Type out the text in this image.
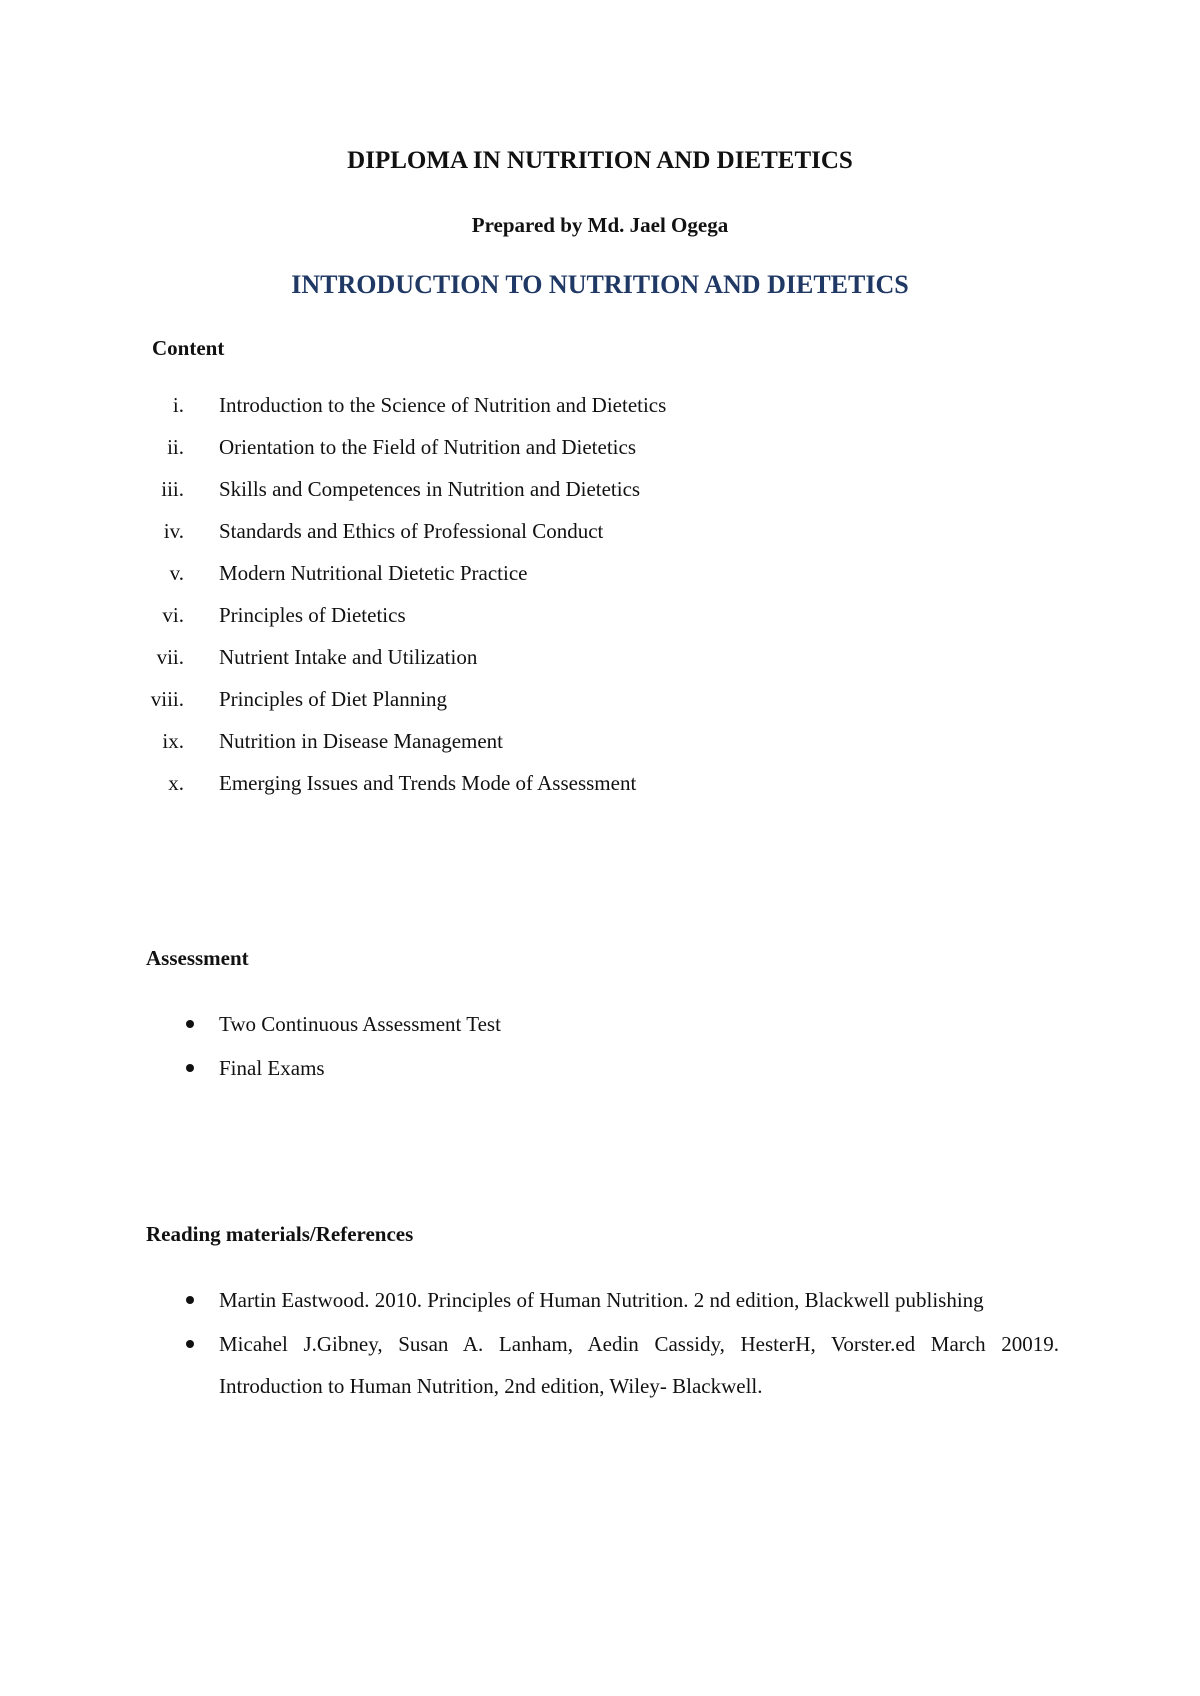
DIPLOMA IN NUTRITION AND DIETETICS
Prepared by Md. Jael Ogega
INTRODUCTION TO NUTRITION AND DIETETICS
Content
i. Introduction to the Science of Nutrition and Dietetics
ii. Orientation to the Field of Nutrition and Dietetics
iii. Skills and Competences in Nutrition and Dietetics
iv. Standards and Ethics of Professional Conduct
v. Modern Nutritional Dietetic Practice
vi. Principles of Dietetics
vii. Nutrient Intake and Utilization
viii. Principles of Diet Planning
ix. Nutrition in Disease Management
x. Emerging Issues and Trends Mode of Assessment
Assessment
Two Continuous Assessment Test
Final Exams
Reading materials/References
Martin Eastwood. 2010. Principles of Human Nutrition. 2 nd edition, Blackwell publishing
Micahel J.Gibney, Susan A. Lanham, Aedin Cassidy, HesterH, Vorster.ed March 20019. Introduction to Human Nutrition, 2nd edition, Wiley- Blackwell.
